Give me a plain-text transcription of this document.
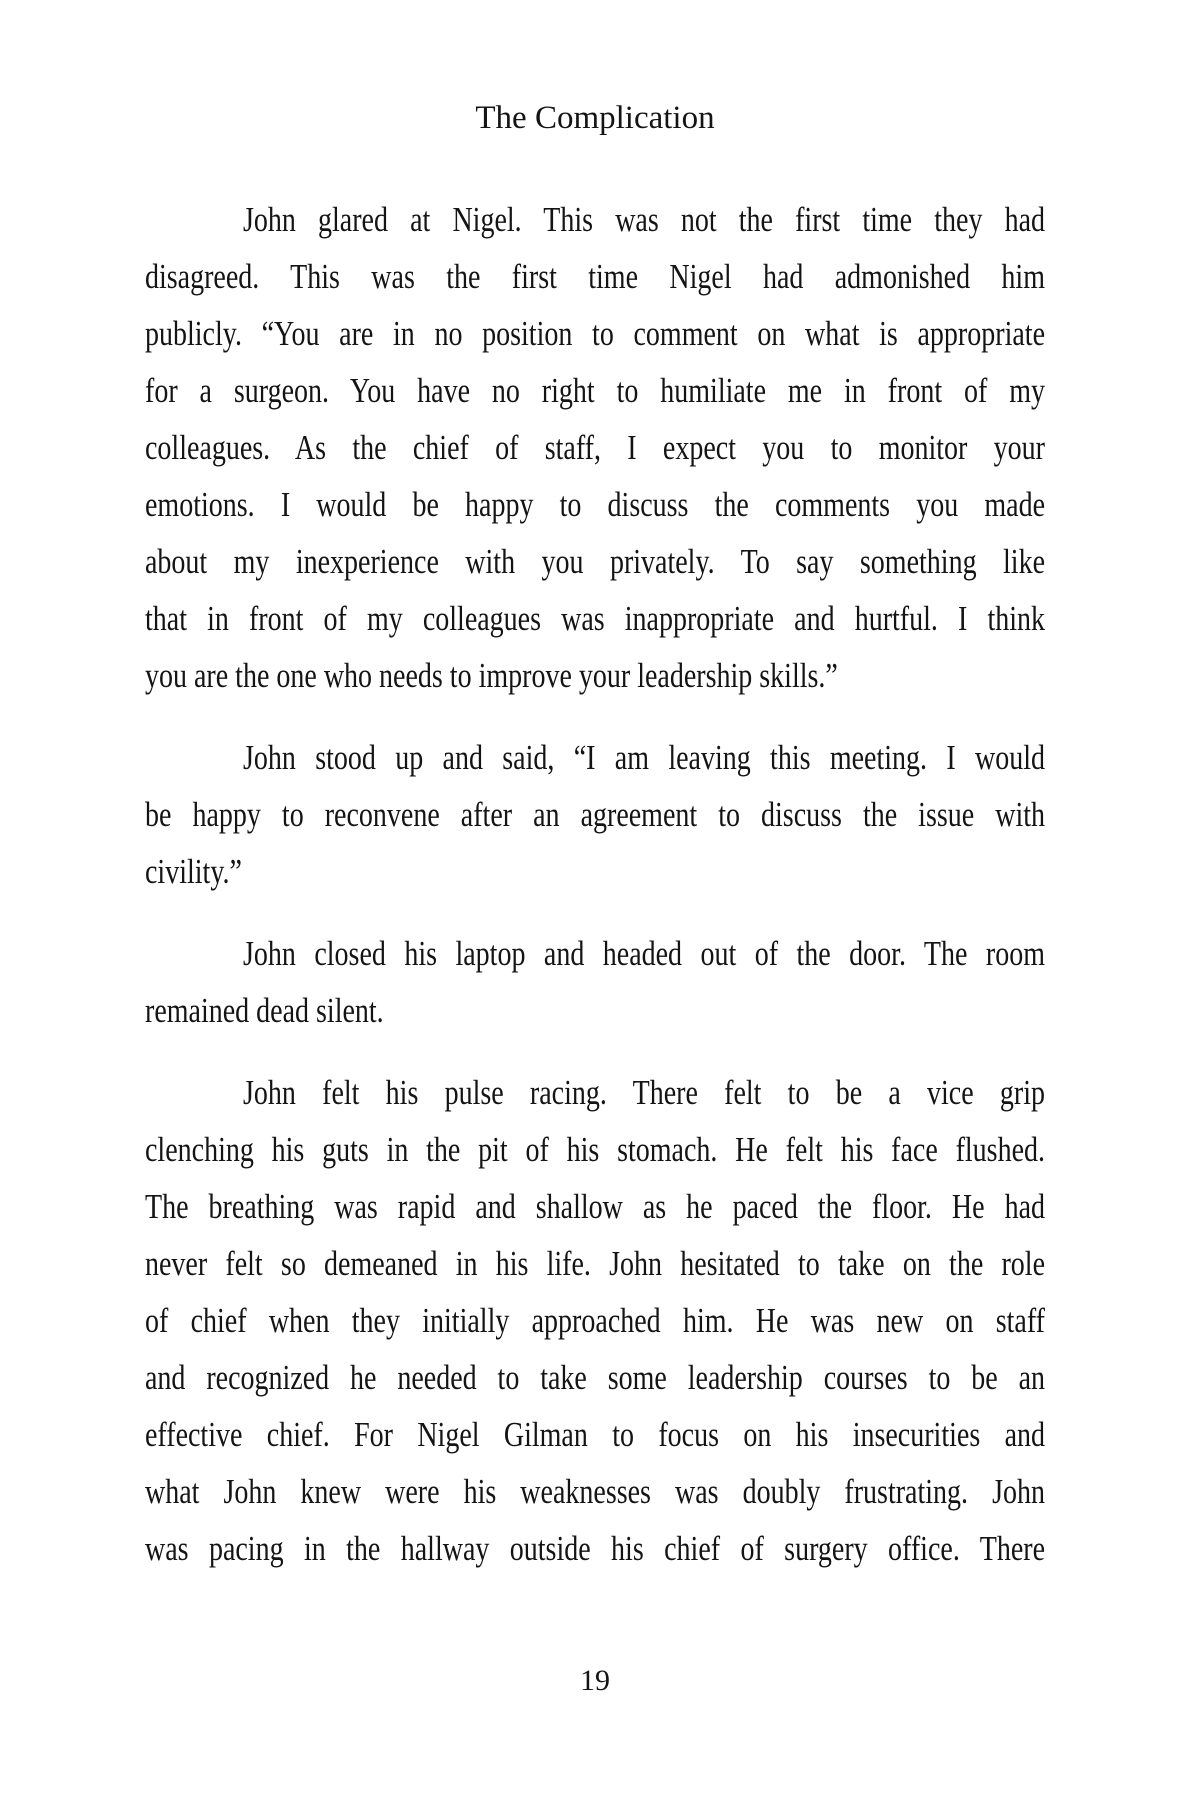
The Complication
John glared at Nigel. This was not the first time they had
disagreed. This was the first time Nigel had admonished him
publicly. “You are in no position to comment on what is appropriate
for a surgeon. You have no right to humiliate me in front of my
colleagues. As the chief of staff, I expect you to monitor your
emotions. I would be happy to discuss the comments you made
about my inexperience with you privately. To say something like
that in front of my colleagues was inappropriate and hurtful. I think
you are the one who needs to improve your leadership skills.”
John stood up and said, “I am leaving this meeting. I would
be happy to reconvene after an agreement to discuss the issue with
civility.”
John closed his laptop and headed out of the door. The room
remained dead silent.
John felt his pulse racing. There felt to be a vice grip
clenching his guts in the pit of his stomach. He felt his face flushed.
The breathing was rapid and shallow as he paced the floor. He had
never felt so demeaned in his life. John hesitated to take on the role
of chief when they initially approached him. He was new on staff
and recognized he needed to take some leadership courses to be an
effective chief. For Nigel Gilman to focus on his insecurities and
what John knew were his weaknesses was doubly frustrating. John
was pacing in the hallway outside his chief of surgery office. There
19
